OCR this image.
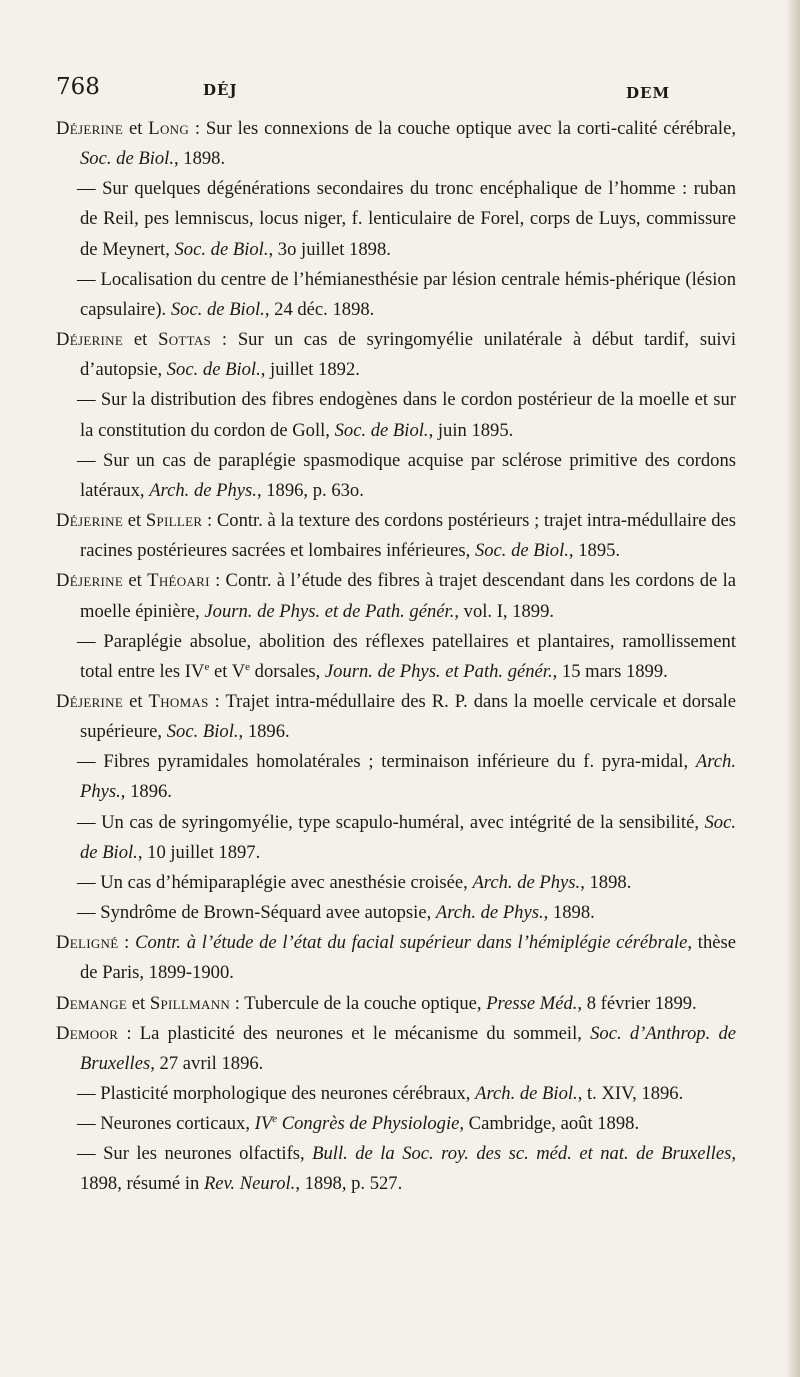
768	DÉJ	DEM

Déjerine et Long : Sur les connexions de la couche optique avec la corti-calité cérébrale, Soc. de Biol., 1898.

— Sur quelques dégénérations secondaires du tronc encéphalique de l’homme : ruban de Reil, pes lemniscus, locus niger, f. lenticulaire de Forel, corps de Luys, commissure de Meynert, Soc. de Biol., 3o juillet 1898.

— Localisation du centre de l’hémianesthésie par lésion centrale hémis-phérique (lésion capsulaire). Soc. de Biol., 24 déc. 1898.

Déjerine et Sottas : Sur un cas de syringomyélie unilatérale à début tardif, suivi d’autopsie, Soc. de Biol., juillet 1892.

— Sur la distribution des fibres endogènes dans le cordon postérieur de la moelle et sur la constitution du cordon de Goll, Soc. de Biol., juin 1895.

— Sur un cas de paraplégie spasmodique acquise par sclérose primitive des cordons latéraux, Arch. de Phys., 1896, p. 63o.

Déjerine et Spiller : Contr. à la texture des cordons postérieurs ; trajet intra-médullaire des racines postérieures sacrées et lombaires inférieures, Soc. de Biol., 1895.

Déjerine et Théoari : Contr. à l’étude des fibres à trajet descendant dans les cordons de la moelle épinière, Journ. de Phys. et de Path. génér., vol. I, 1899.

— Paraplégie absolue, abolition des réflexes patellaires et plantaires, ramollissement total entre les IVe et Ve dorsales, Journ. de Phys. et Path. génér., 15 mars 1899.

Déjerine et Thomas : Trajet intra-médullaire des R. P. dans la moelle cervicale et dorsale supérieure, Soc. Biol., 1896.

— Fibres pyramidales homolatérales ; terminaison inférieure du f. pyra-midal, Arch. Phys., 1896.

— Un cas de syringomyélie, type scapulo-huméral, avec intégrité de la sensibilité, Soc. de Biol., 10 juillet 1897.

— Un cas d’hémiparaplégie avec anesthésie croisée, Arch. de Phys., 1898.

— Syndrôme de Brown-Séquard avee autopsie, Arch. de Phys., 1898.

Deligné : Contr. à l’étude de l’état du facial supérieur dans l’hémiplégie cérébrale, thèse de Paris, 1899-1900.

Demange et Spillmann : Tubercule de la couche optique, Presse Méd., 8 février 1899.

Demoor : La plasticité des neurones et le mécanisme du sommeil, Soc. d’Anthrop. de Bruxelles, 27 avril 1896.

— Plasticité morphologique des neurones cérébraux, Arch. de Biol., t. XIV, 1896.

— Neurones corticaux, IVe Congrès de Physiologie, Cambridge, août 1898.

— Sur les neurones olfactifs, Bull. de la Soc. roy. des sc. méd. et nat. de Bruxelles, 1898, résumé in Rev. Neurol., 1898, p. 527.
